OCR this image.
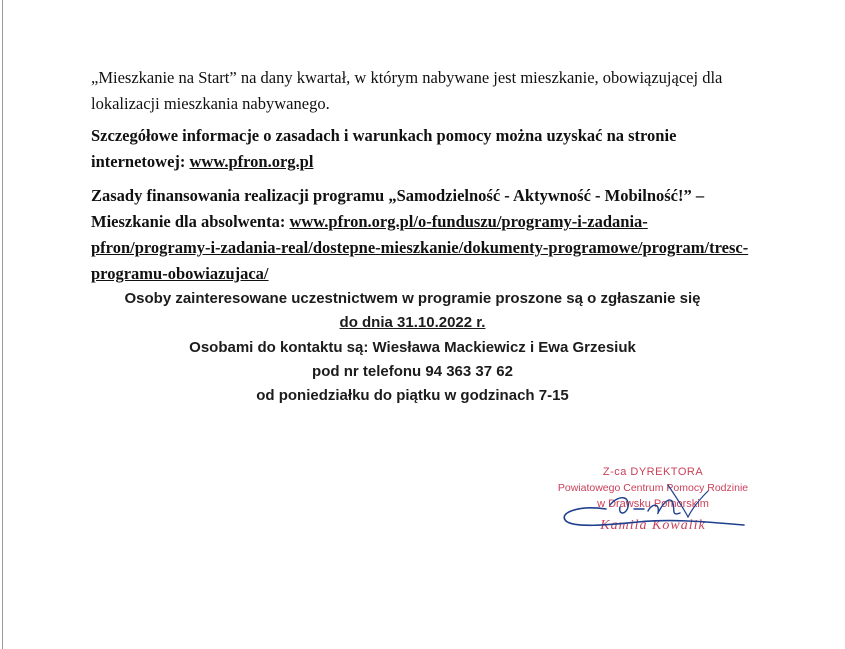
„Mieszkanie na Start” na dany kwartał, w którym nabywane jest mieszkanie, obowiązującej dla lokalizacji mieszkania nabywanego.

Szczegółowe informacje o zasadach i warunkach pomocy można uzyskać na stronie internetowej: www.pfron.org.pl

Zasady finansowania realizacji programu „Samodzielność - Aktywność - Mobilność!” – Mieszkanie dla absolwenta: www.pfron.org.pl/o-funduszu/programy-i-zadania-pfron/programy-i-zadania-real/dostepne-mieszkanie/dokumenty-programowe/program/tresc-programu-obowiazujaca/

Osoby zainteresowane uczestnictwem w programie proszone są o zgłaszanie się
do dnia 31.10.2022 r.
Osobami do kontaktu są: Wiesława Mackiewicz i Ewa Grzesiuk
pod nr telefonu 94 363 37 62
od poniedziałku do piątku w godzinach 7-15
Z-ca DYREKTORA
Powiatowego Centrum Pomocy Rodzinie
w Drawsku Pomorskim
Kamila Kowalik
